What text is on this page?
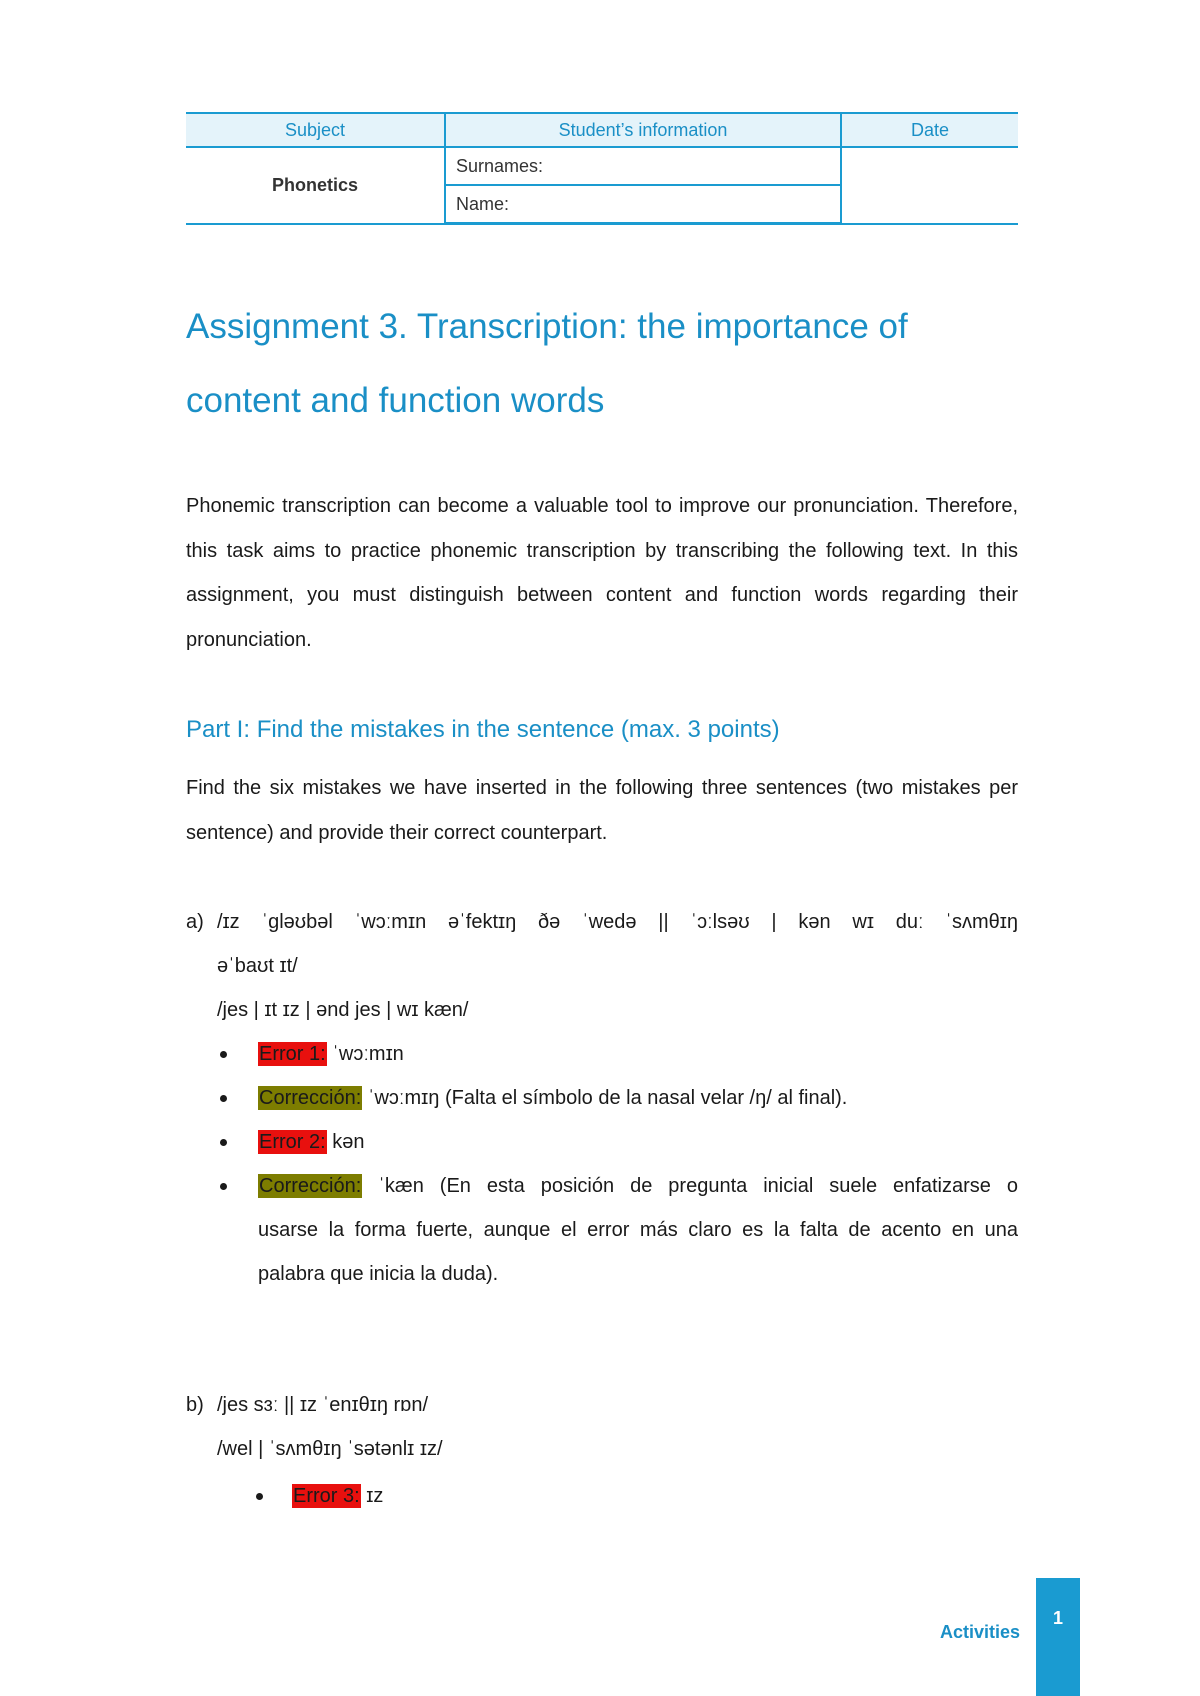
Subject	Student’s information	Date
Phonetics	Surnames:	
	Name:	
Assignment 3. Transcription: the importance of
content and function words

Phonemic transcription can become a valuable tool to improve our pronunciation. Therefore, this task aims to practice phonemic transcription by transcribing the following text. In this assignment, you must distinguish between content and function words regarding their pronunciation.

Part I: Find the mistakes in the sentence (max. 3 points)

Find the six mistakes we have inserted in the following three sentences (two mistakes per sentence) and provide their correct counterpart.

a) /ɪz ˈgləʊbəl ˈwɔːmɪn əˈfektɪŋ ðə ˈwedə || ˈɔːlsəʊ | kən wɪ duː ˈsʌmθɪŋ
əˈbaʊt ɪt/
/jes | ɪt ɪz | ənd jes | wɪ kæn/
Error 1: ˈwɔːmɪn
Corrección: ˈwɔːmɪŋ (Falta el símbolo de la nasal velar /ŋ/ al final).
Error 2: kən
Corrección: ˈkæn (En esta posición de pregunta inicial suele enfatizarse o
usarse la forma fuerte, aunque el error más claro es la falta de acento en una
palabra que inicia la duda).
b) /jes sɜː || ɪz ˈenɪθɪŋ rɒn/
/wel | ˈsʌmθɪŋ ˈsətənlɪ ɪz/
Error 3: ɪz
Activities
1
